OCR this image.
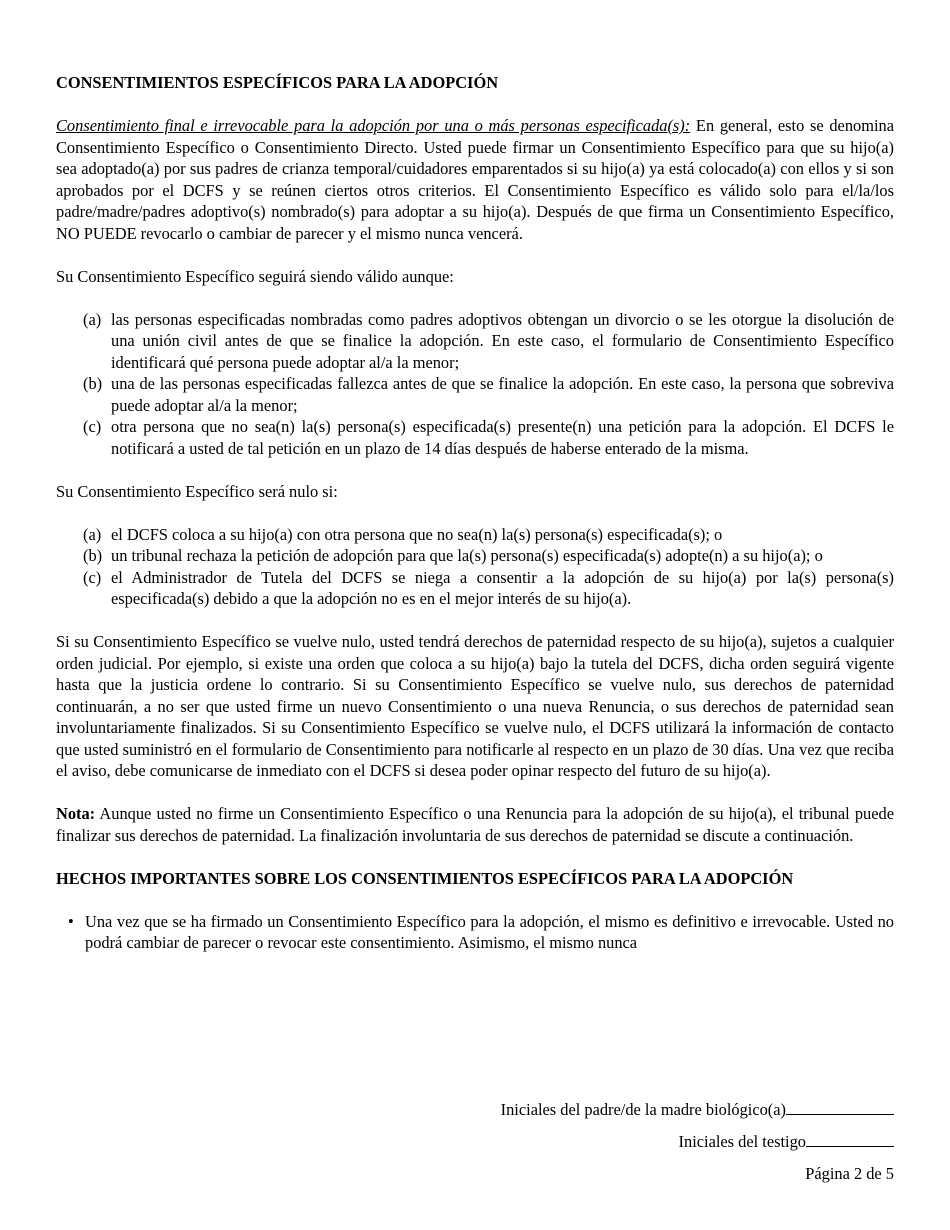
CONSENTIMIENTOS ESPECÍFICOS PARA LA ADOPCIÓN

Consentimiento final e irrevocable para la adopción por una o más personas especificada(s): En general, esto se denomina Consentimiento Específico o Consentimiento Directo. Usted puede firmar un Consentimiento Específico para que su hijo(a) sea adoptado(a) por sus padres de crianza temporal/cuidadores emparentados si su hijo(a) ya está colocado(a) con ellos y si son aprobados por el DCFS y se reúnen ciertos otros criterios. El Consentimiento Específico es válido solo para el/la/los padre/madre/padres adoptivo(s) nombrado(s) para adoptar a su hijo(a). Después de que firma un Consentimiento Específico, NO PUEDE revocarlo o cambiar de parecer y el mismo nunca vencerá.

Su Consentimiento Específico seguirá siendo válido aunque:

(a) las personas especificadas nombradas como padres adoptivos obtengan un divorcio o se les otorgue la disolución de una unión civil antes de que se finalice la adopción. En este caso, el formulario de Consentimiento Específico identificará qué persona puede adoptar al/a la menor;
(b) una de las personas especificadas fallezca antes de que se finalice la adopción. En este caso, la persona que sobreviva puede adoptar al/a la menor;
(c) otra persona que no sea(n) la(s) persona(s) especificada(s) presente(n) una petición para la adopción. El DCFS le notificará a usted de tal petición en un plazo de 14 días después de haberse enterado de la misma.

Su Consentimiento Específico será nulo si:

(a) el DCFS coloca a su hijo(a) con otra persona que no sea(n) la(s) persona(s) especificada(s); o
(b) un tribunal rechaza la petición de adopción para que la(s) persona(s) especificada(s) adopte(n) a su hijo(a); o
(c) el Administrador de Tutela del DCFS se niega a consentir a la adopción de su hijo(a) por la(s) persona(s) especificada(s) debido a que la adopción no es en el mejor interés de su hijo(a).

Si su Consentimiento Específico se vuelve nulo, usted tendrá derechos de paternidad respecto de su hijo(a), sujetos a cualquier orden judicial. Por ejemplo, si existe una orden que coloca a su hijo(a) bajo la tutela del DCFS, dicha orden seguirá vigente hasta que la justicia ordene lo contrario. Si su Consentimiento Específico se vuelve nulo, sus derechos de paternidad continuarán, a no ser que usted firme un nuevo Consentimiento o una nueva Renuncia, o sus derechos de paternidad sean involuntariamente finalizados. Si su Consentimiento Específico se vuelve nulo, el DCFS utilizará la información de contacto que usted suministró en el formulario de Consentimiento para notificarle al respecto en un plazo de 30 días. Una vez que reciba el aviso, debe comunicarse de inmediato con el DCFS si desea poder opinar respecto del futuro de su hijo(a).

Nota: Aunque usted no firme un Consentimiento Específico o una Renuncia para la adopción de su hijo(a), el tribunal puede finalizar sus derechos de paternidad. La finalización involuntaria de sus derechos de paternidad se discute a continuación.

HECHOS IMPORTANTES SOBRE LOS CONSENTIMIENTOS ESPECÍFICOS PARA LA ADOPCIÓN
• Una vez que se ha firmado un Consentimiento Específico para la adopción, el mismo es definitivo e irrevocable. Usted no podrá cambiar de parecer o revocar este consentimiento. Asimismo, el mismo nunca
Iniciales del padre/de la madre biológico(a)
Iniciales del testigo
Página 2 de 5
